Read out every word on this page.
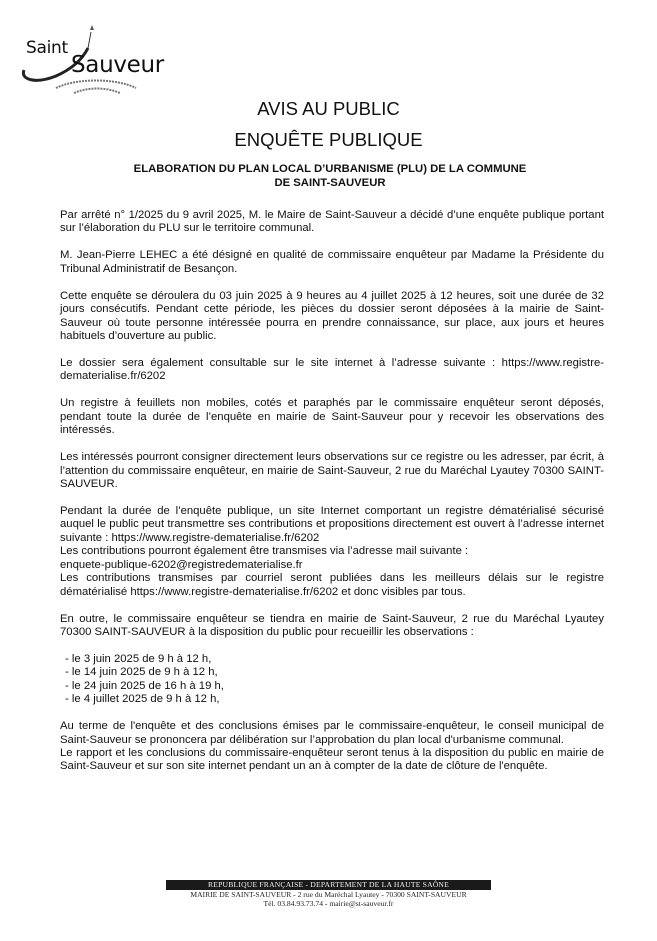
Saint
Sauveur
AVIS AU PUBLIC
ENQUÊTE PUBLIQUE
ELABORATION DU PLAN LOCAL D’URBANISME (PLU) DE LA COMMUNE DE SAINT-SAUVEUR

Par arrêté n° 1/2025 du 9 avril 2025, M. le Maire de Saint-Sauveur a décidé d’une enquête publique portant sur l’élaboration du PLU sur le territoire communal.

M. Jean-Pierre LEHEC a été désigné en qualité de commissaire enquêteur par Madame la Présidente du Tribunal Administratif de Besançon.

Cette enquête se déroulera du 03 juin 2025 à 9 heures au 4 juillet 2025 à 12 heures, soit une durée de 32 jours consécutifs. Pendant cette période, les pièces du dossier seront déposées à la mairie de Saint-Sauveur où toute personne intéressée pourra en prendre connaissance, sur place, aux jours et heures habituels d’ouverture au public.

Le dossier sera également consultable sur le site internet à l’adresse suivante : https://www.registre-dematerialise.fr/6202

Un registre à feuillets non mobiles, cotés et paraphés par le commissaire enquêteur seront déposés, pendant toute la durée de l’enquête en mairie de Saint-Sauveur pour y recevoir les observations des intéressés.

Les intéressés pourront consigner directement leurs observations sur ce registre ou les adresser, par écrit, à l’attention du commissaire enquêteur, en mairie de Saint-Sauveur, 2 rue du Maréchal Lyautey 70300 SAINT-SAUVEUR.

Pendant la durée de l’enquête publique, un site Internet comportant un registre dématérialisé sécurisé auquel le public peut transmettre ses contributions et propositions directement est ouvert à l’adresse internet suivante : https://www.registre-dematerialise.fr/6202

Les contributions pourront également être transmises via l’adresse mail suivante :

enquete-publique-6202@registredematerialise.fr

Les contributions transmises par courriel seront publiées dans les meilleurs délais sur le registre dématérialisé https://www.registre-dematerialise.fr/6202 et donc visibles par tous.

En outre, le commissaire enquêteur se tiendra en mairie de Saint-Sauveur, 2 rue du Maréchal Lyautey 70300 SAINT-SAUVEUR à la disposition du public pour recueillir les observations :

- le 3 juin 2025 de 9 h à 12 h,
- le 14 juin 2025 de 9 h à 12 h,
- le 24 juin 2025 de 16 h à 19 h,
- le 4 juillet 2025 de 9 h à 12 h,

Au terme de l'enquête et des conclusions émises par le commissaire-enquêteur, le conseil municipal de Saint-Sauveur se prononcera par délibération sur l’approbation du plan local d'urbanisme communal.

Le rapport et les conclusions du commissaire-enquêteur seront tenus à la disposition du public en mairie de Saint-Sauveur et sur son site internet pendant un an à compter de la date de clôture de l'enquête.

REPUBLIQUE FRANÇAISE - DEPARTEMENT DE LA HAUTE SAÔNE
MAIRIE DE SAINT-SAUVEUR - 2 rue du Maréchal Lyautey - 70300 SAINT-SAUVEUR
Tél. 03.84.93.73.74 - mairie@st-sauveur.fr
